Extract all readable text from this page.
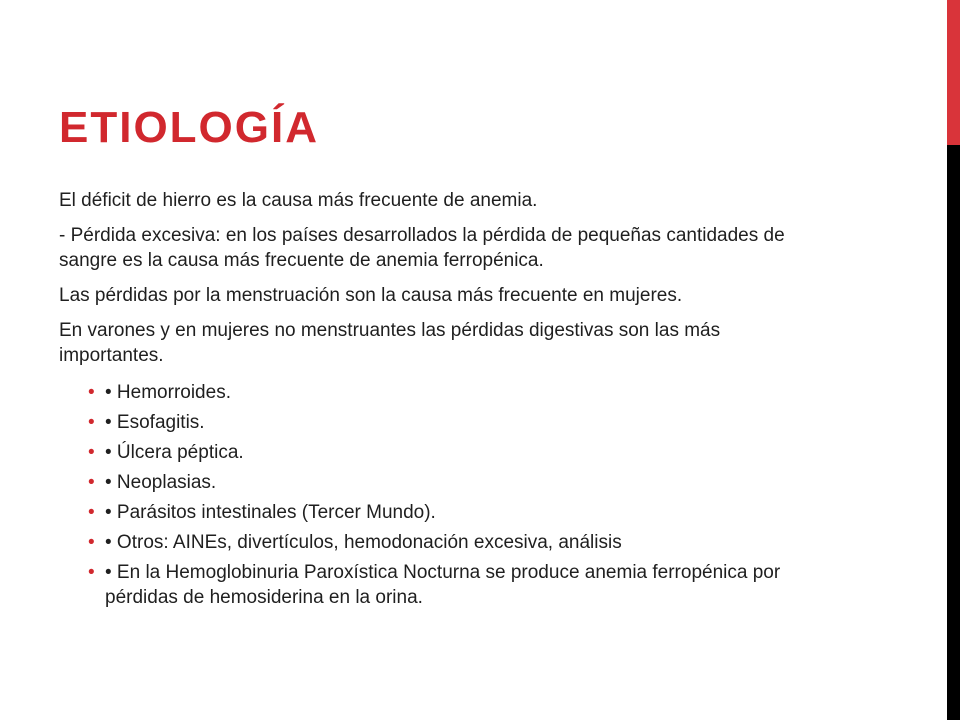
ETIOLOGÍA

El déficit de hierro es la causa más frecuente de anemia.

- Pérdida excesiva: en los países desarrollados la pérdida de pequeñas cantidades de sangre es la causa más frecuente de anemia ferropénica.

Las pérdidas por la menstruación son la causa más frecuente en mujeres.

En varones y en mujeres no menstruantes las pérdidas digestivas son las más importantes.

• • Hemorroides.
• • Esofagitis.
• • Úlcera péptica.
• • Neoplasias.
• • Parásitos intestinales (Tercer Mundo).
• • Otros: AINEs, divertículos, hemodonación excesiva, análisis
• • En la Hemoglobinuria Paroxística Nocturna se produce anemia ferropénica por pérdidas de hemosiderina en la orina.
